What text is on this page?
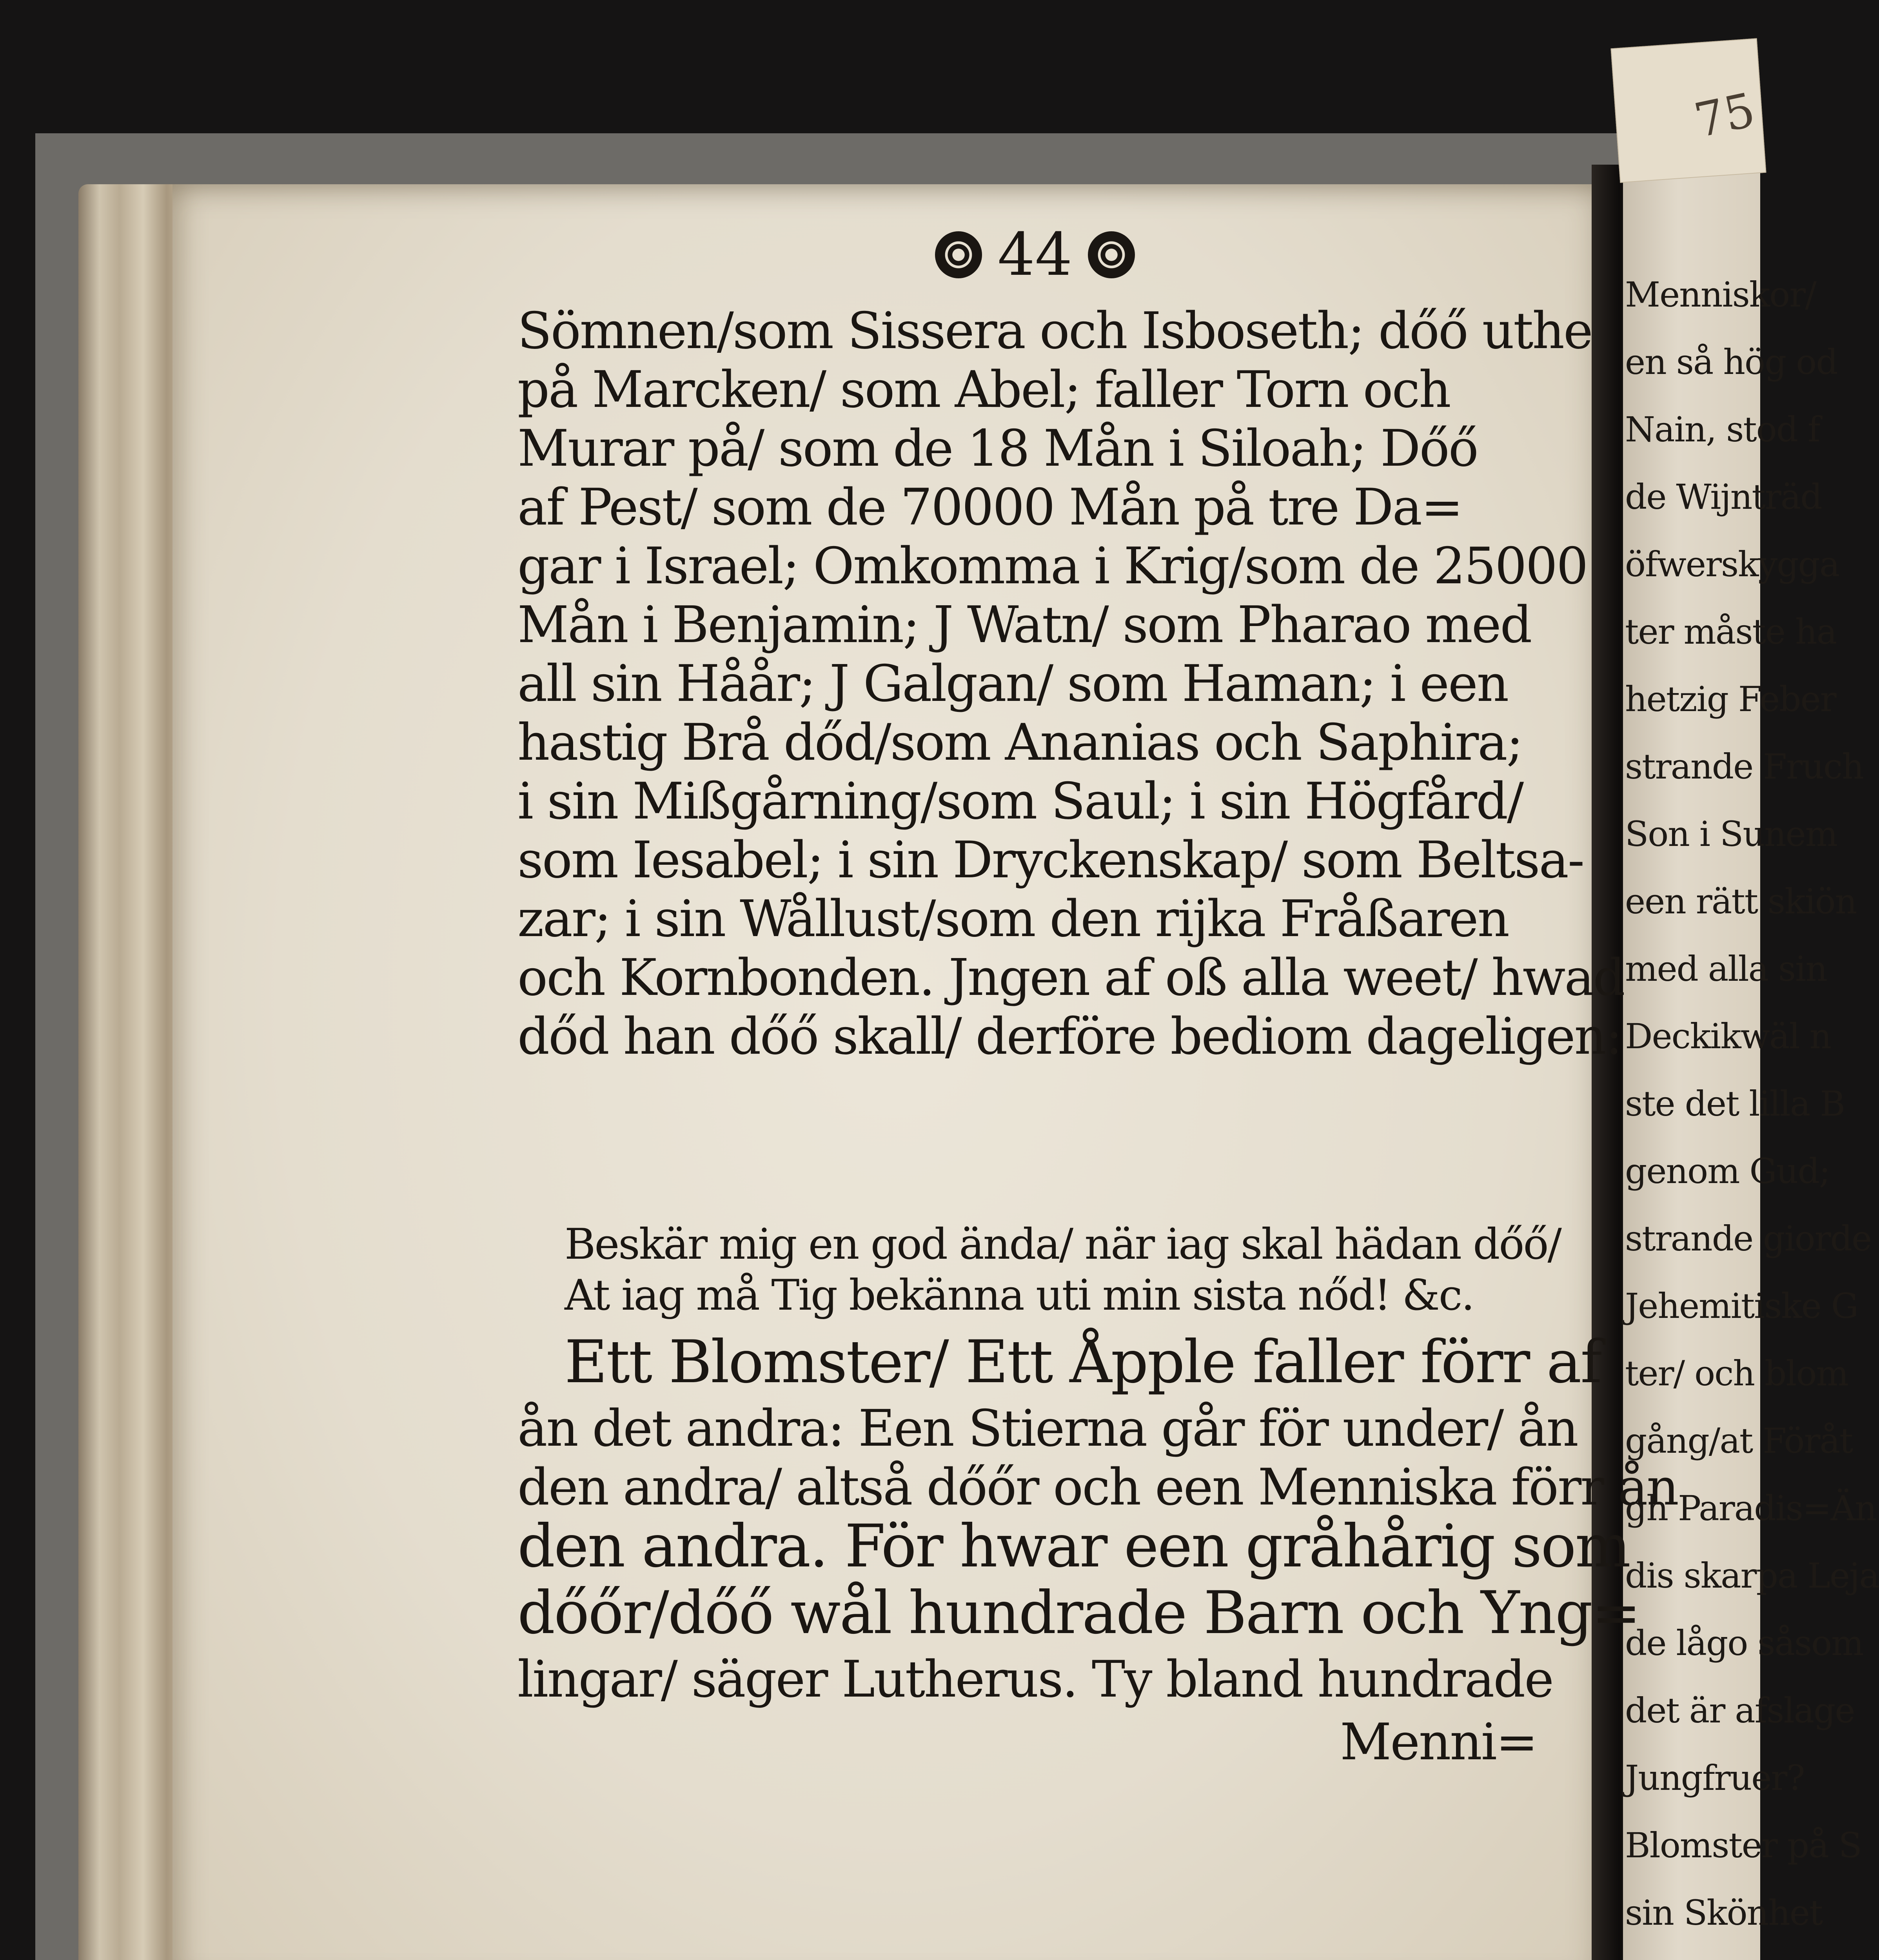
75
Menniskor/
en så hög od
Nain, stod f
de Wijnträd
öfwerskygga
ter måste ha
hetzig Feber
strande Fruch
Son i Sunem
een rätt skiön
med alla sin
Deckikwäl n
ste det lilla B
genom Gud;
strande giorde
Jehemitiske G
ter/ och blom
gång/at Föråt
gh Paradis=Än
dis skarpa Leja
de lågo såsom
det är afslage
Jungfruer?
Blomster på S
sin Skönhet
44
Sömnen/som Sissera och Isboseth; dőő uthe
på Marcken/ som Abel; faller Torn och
Murar på/ som de 18 Mån i Siloah; Dőő
af Pest/ som de 70000 Mån på tre Da=
gar i Israel; Omkomma i Krig/som de 25000
Mån i Benjamin; J Watn/ som Pharao med
all sin Håår; J Galgan/ som Haman; i een
hastig Brå dőd/som Ananias och Saphira;
i sin Mißgårning/som Saul; i sin Högfård/
som Iesabel; i sin Dryckenskap/ som Beltsa-
zar; i sin Wållust/som den rijka Fråßaren
och Kornbonden. Jngen af oß alla weet/ hwad
dőd han dőő skall/ derföre bediom dageligen:
Beskär mig en god ända/ när iag skal hädan dőő/
At iag må Tig bekänna uti min sista nőd! &c.
Ett Blomster/ Ett Åpple faller förr af
ån det andra: Een Stierna går för under/ ån
den andra/ altså dőőr och een Menniska förr ån
den andra. För hwar een gråhårig som
dőőr/dőő wål hundrade Barn och Yng=
lingar/ säger Lutherus. Ty bland hundrade
Menni=
